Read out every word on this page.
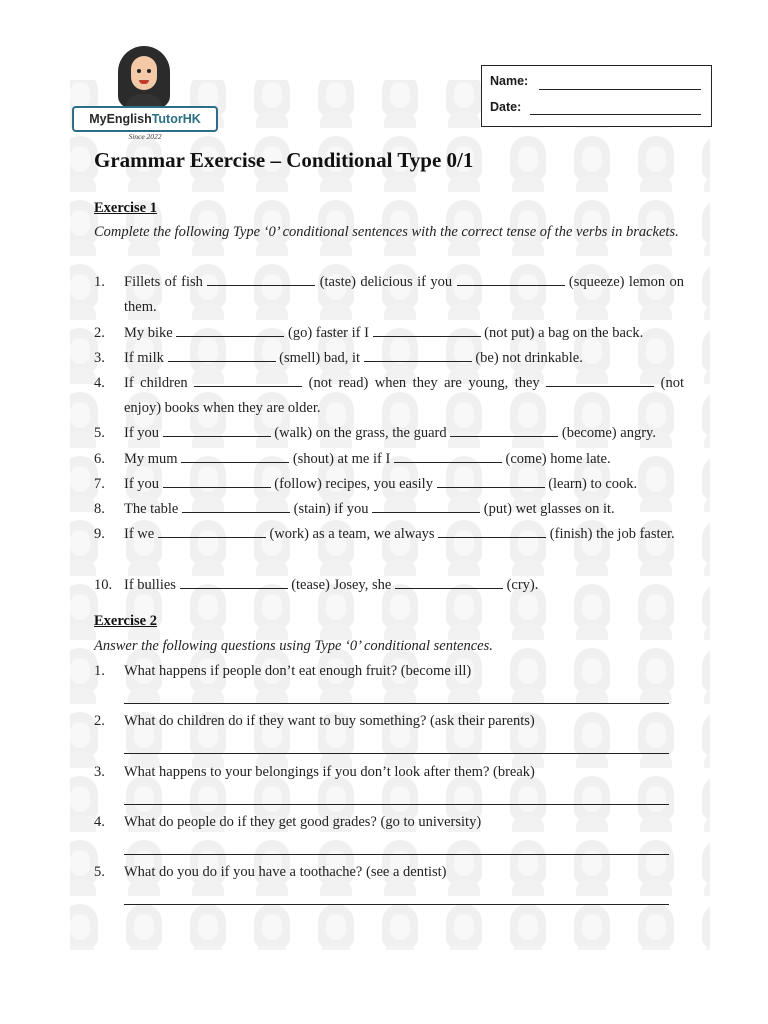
MyEnglishTutorHK
Since 2022
Name:
Date:
Grammar Exercise – Conditional Type 0/1
Exercise 1
Complete the following Type ‘0’ conditional sentences with the correct tense of the verbs in brackets.
1. Fillets of fish	(taste) delicious if you	(squeeze) lemon on them.
2. My bike	(go) faster if I	(not put) a bag on the back.
3. If milk	(smell) bad, it	(be) not drinkable.
4. If children	(not read) when they are young, they	(not enjoy) books when they are older.
5. If you	(walk) on the grass, the guard	(become) angry.
6. My mum	(shout) at me if I	(come) home late.
7. If you	(follow) recipes, you easily	(learn) to cook.
8. The table	(stain) if you	(put) wet glasses on it.
9. If we	(work) as a team, we always	(finish) the job faster.
10. If bullies	(tease) Josey, she	(cry).
Exercise 2
Answer the following questions using Type ‘0’ conditional sentences.
1. What happens if people don’t eat enough fruit? (become ill)
2. What do children do if they want to buy something? (ask their parents)
3. What happens to your belongings if you don’t look after them? (break)
4. What do people do if they get good grades? (go to university)
5. What do you do if you have a toothache? (see a dentist)
